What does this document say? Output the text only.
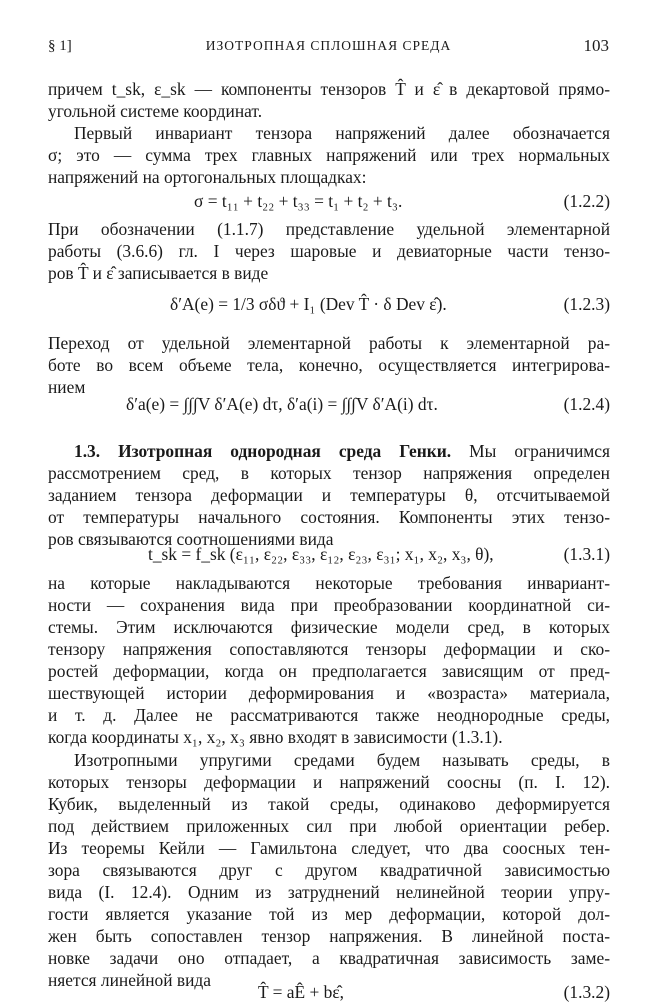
§ 1]	ИЗОТРОПНАЯ СПЛОШНАЯ СРЕДА	103
причем t_sk, ε_sk — компоненты тензоров T̂ и ε̂ в декартовой прямо-
угольной системе координат.
Первый инвариант тензора напряжений далее обозначается
σ; это — сумма трех главных напряжений или трех нормальных
напряжений на ортогональных площадках:
σ = t₁₁ + t₂₂ + t₃₃ = t₁ + t₂ + t₃.	(1.2.2)
При обозначении (1.1.7) представление удельной элементарной
работы (3.6.6) гл. I через шаровые и девиаторные части тензо-
ров T̂ и ε̂ записывается в виде
δ′A(e) = 1/3 σδϑ + I₁ (Dev T̂ · δ Dev ε̂).	(1.2.3)
Переход от удельной элементарной работы к элементарной ра-
боте во всем объеме тела, конечно, осуществляется интегрирова-
нием
δ′a(e) = ∫∫∫V δ′A(e) dτ, δ′a(i) = ∫∫∫V δ′A(i) dτ.	(1.2.4)
1.3. Изотропная однородная среда Генки. Мы ограничимся
рассмотрением сред, в которых тензор напряжения определен
заданием тензора деформации и температуры θ, отсчитываемой
от температуры начального состояния. Компоненты этих тензо-
ров связываются соотношениями вида
t_sk = f_sk (ε₁₁, ε₂₂, ε₃₃, ε₁₂, ε₂₃, ε₃₁; x₁, x₂, x₃, θ),	(1.3.1)
на которые накладываются некоторые требования инвариант-
ности — сохранения вида при преобразовании координатной си-
стемы. Этим исключаются физические модели сред, в которых
тензору напряжения сопоставляются тензоры деформации и ско-
ростей деформации, когда он предполагается зависящим от пред-
шествующей истории деформирования и «возраста» материала,
и т. д. Далее не рассматриваются также неоднородные среды,
когда координаты x₁, x₂, x₃ явно входят в зависимости (1.3.1).
Изотропными упругими средами будем называть среды, в
которых тензоры деформации и напряжений соосны (п. I. 12).
Кубик, выделенный из такой среды, одинаково деформируется
под действием приложенных сил при любой ориентации ребер.
Из теоремы Кейли — Гамильтона следует, что два соосных тен-
зора связываются друг с другом квадратичной зависимостью
вида (I. 12.4). Одним из затруднений нелинейной теории упру-
гости является указание той из мер деформации, которой дол-
жен быть сопоставлен тензор напряжения. В линейной поста-
новке задачи оно отпадает, а квадратичная зависимость заме-
няется линейной вида
T̂ = aÊ + bε̂,	(1.3.2)
